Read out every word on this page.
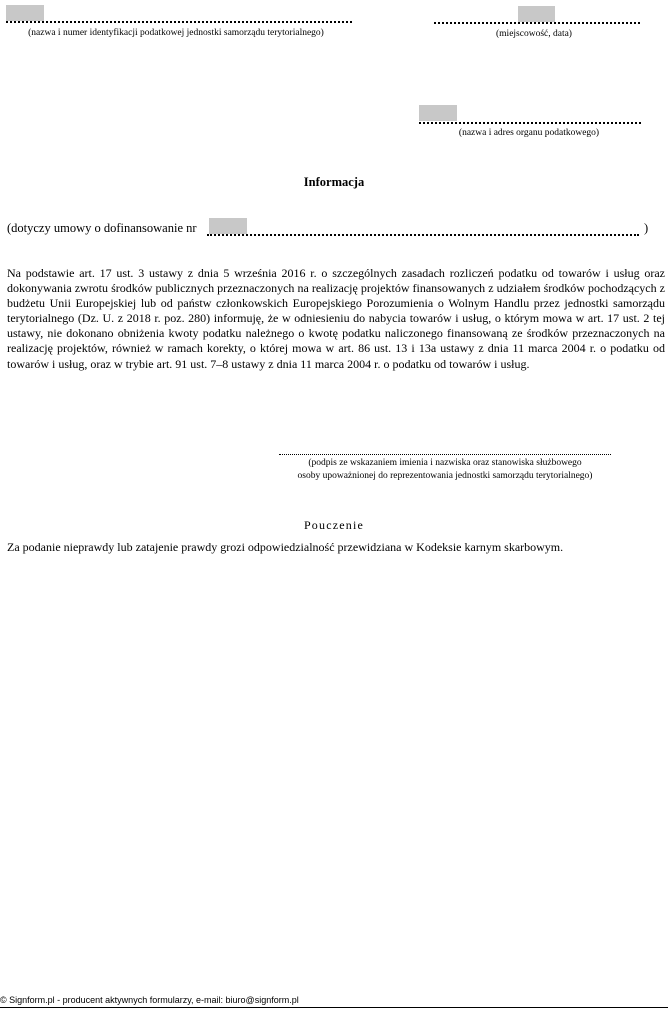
(nazwa i numer identyfikacji podatkowej jednostki samorządu terytorialnego)	(miejscowość, data)
(nazwa i adres organu podatkowego)
Informacja
(dotyczy umowy o dofinansowanie nr	)
Na podstawie art. 17 ust. 3 ustawy z dnia 5 września 2016 r. o szczególnych zasadach rozliczeń podatku od towarów i usług oraz dokonywania zwrotu środków publicznych przeznaczonych na realizację projektów finansowanych z udziałem środków pochodzących z budżetu Unii Europejskiej lub od państw członkowskich Europejskiego Porozumienia o Wolnym Handlu przez jednostki samorządu terytorialnego (Dz. U. z 2018 r. poz. 280) informuję, że w odniesieniu do nabycia towarów i usług, o którym mowa w art. 17 ust. 2 tej ustawy, nie dokonano obniżenia kwoty podatku należnego o kwotę podatku naliczonego finansowaną ze środków przeznaczonych na realizację projektów, również w ramach korekty, o której mowa w art. 86 ust. 13 i 13a ustawy z dnia 11 marca 2004 r. o podatku od towarów i usług, oraz w trybie art. 91 ust. 7–8 ustawy z dnia 11 marca 2004 r. o podatku od towarów i usług.
(podpis ze wskazaniem imienia i nazwiska oraz stanowiska służbowego
osoby upoważnionej do reprezentowania jednostki samorządu terytorialnego)
Pouczenie
Za podanie nieprawdy lub zatajenie prawdy grozi odpowiedzialność przewidziana w Kodeksie karnym skarbowym.
© Signform.pl - producent aktywnych formularzy, e-mail: biuro@signform.pl
